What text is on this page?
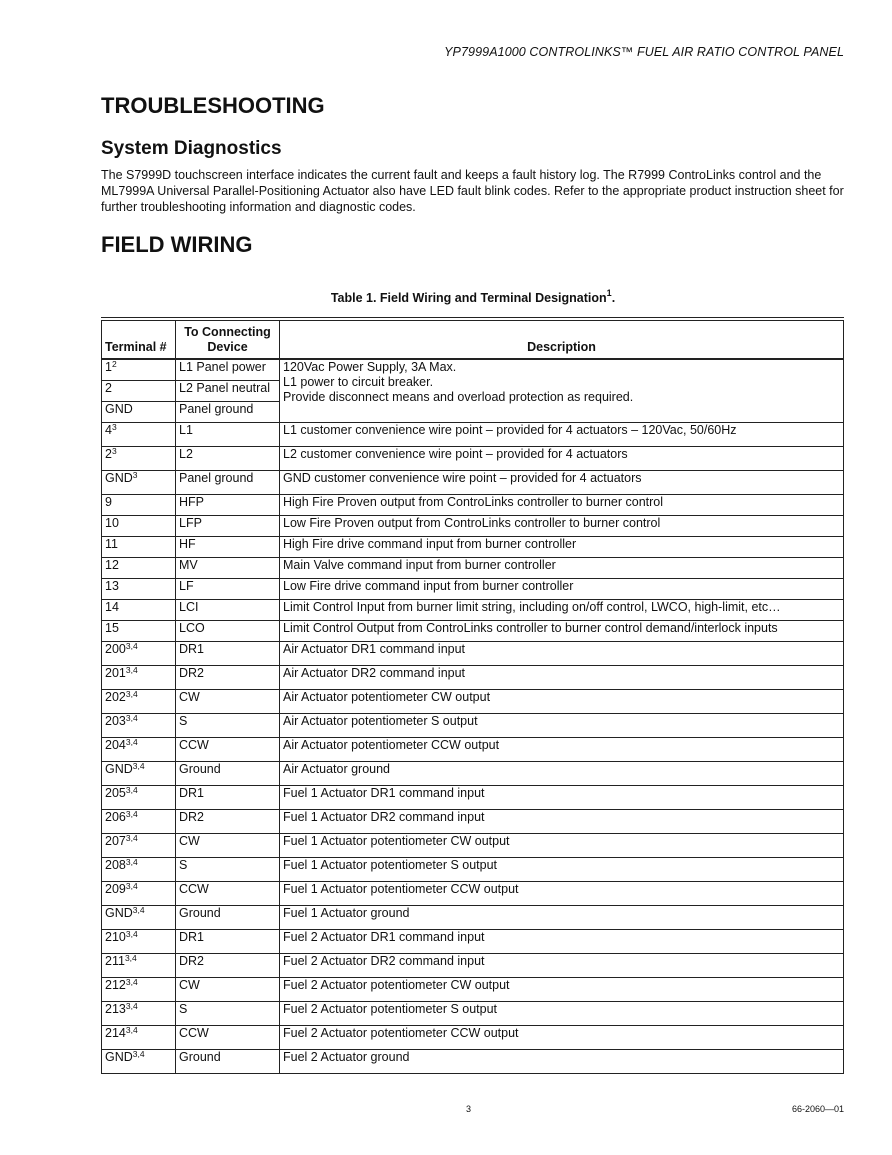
YP7999A1000 CONTROLINKS™ FUEL AIR RATIO CONTROL PANEL
TROUBLESHOOTING
System Diagnostics

The S7999D touchscreen interface indicates the current fault and keeps a fault history log. The R7999 ControLinks control and the ML7999A Universal Parallel-Positioning Actuator also have LED fault blink codes. Refer to the appropriate product instruction sheet for further troubleshooting information and diagnostic codes.

FIELD WIRING
Table 1. Field Wiring and Terminal Designation$^1$.
Terminal #	To Connecting Device	Description
$1^2$	L1 Panel power	120Vac Power Supply, 3A Max.
L1 power to circuit breaker.
Provide disconnect means and overload protection as required.
2	L2 Panel neutral	
GND	Panel ground	
$4^3$	L1	L1 customer convenience wire point – provided for 4 actuators – 120Vac, 50/60Hz
$2^3$	L2	L2 customer convenience wire point – provided for 4 actuators
GND$^3$	Panel ground	GND customer convenience wire point – provided for 4 actuators
9	HFP	High Fire Proven output from ControLinks controller to burner control
10	LFP	Low Fire Proven output from ControLinks controller to burner control
11	HF	High Fire drive command input from burner controller
12	MV	Main Valve command input from burner controller
13	LF	Low Fire drive command input from burner controller
14	LCI	Limit Control Input from burner limit string, including on/off control, LWCO, high-limit, etc…
15	LCO	Limit Control Output from ControLinks controller to burner control demand/interlock inputs
200$^{3,4}$	DR1	Air Actuator DR1 command input
201$^{3,4}$	DR2	Air Actuator DR2 command input
202$^{3,4}$	CW	Air Actuator potentiometer CW output
203$^{3,4}$	S	Air Actuator potentiometer S output
204$^{3,4}$	CCW	Air Actuator potentiometer CCW output
GND$^{3,4}$	Ground	Air Actuator ground
205$^{3,4}$	DR1	Fuel 1 Actuator DR1 command input
206$^{3,4}$	DR2	Fuel 1 Actuator DR2 command input
207$^{3,4}$	CW	Fuel 1 Actuator potentiometer CW output
208$^{3,4}$	S	Fuel 1 Actuator potentiometer S output
209$^{3,4}$	CCW	Fuel 1 Actuator potentiometer CCW output
GND$^{3,4}$	Ground	Fuel 1 Actuator ground
210$^{3,4}$	DR1	Fuel 2 Actuator DR1 command input
211$^{3,4}$	DR2	Fuel 2 Actuator DR2 command input
212$^{3,4}$	CW	Fuel 2 Actuator potentiometer CW output
213$^{3,4}$	S	Fuel 2 Actuator potentiometer S output
214$^{3,4}$	CCW	Fuel 2 Actuator potentiometer CCW output
GND$^{3,4}$	Ground	Fuel 2 Actuator ground
3	66-2060—01
